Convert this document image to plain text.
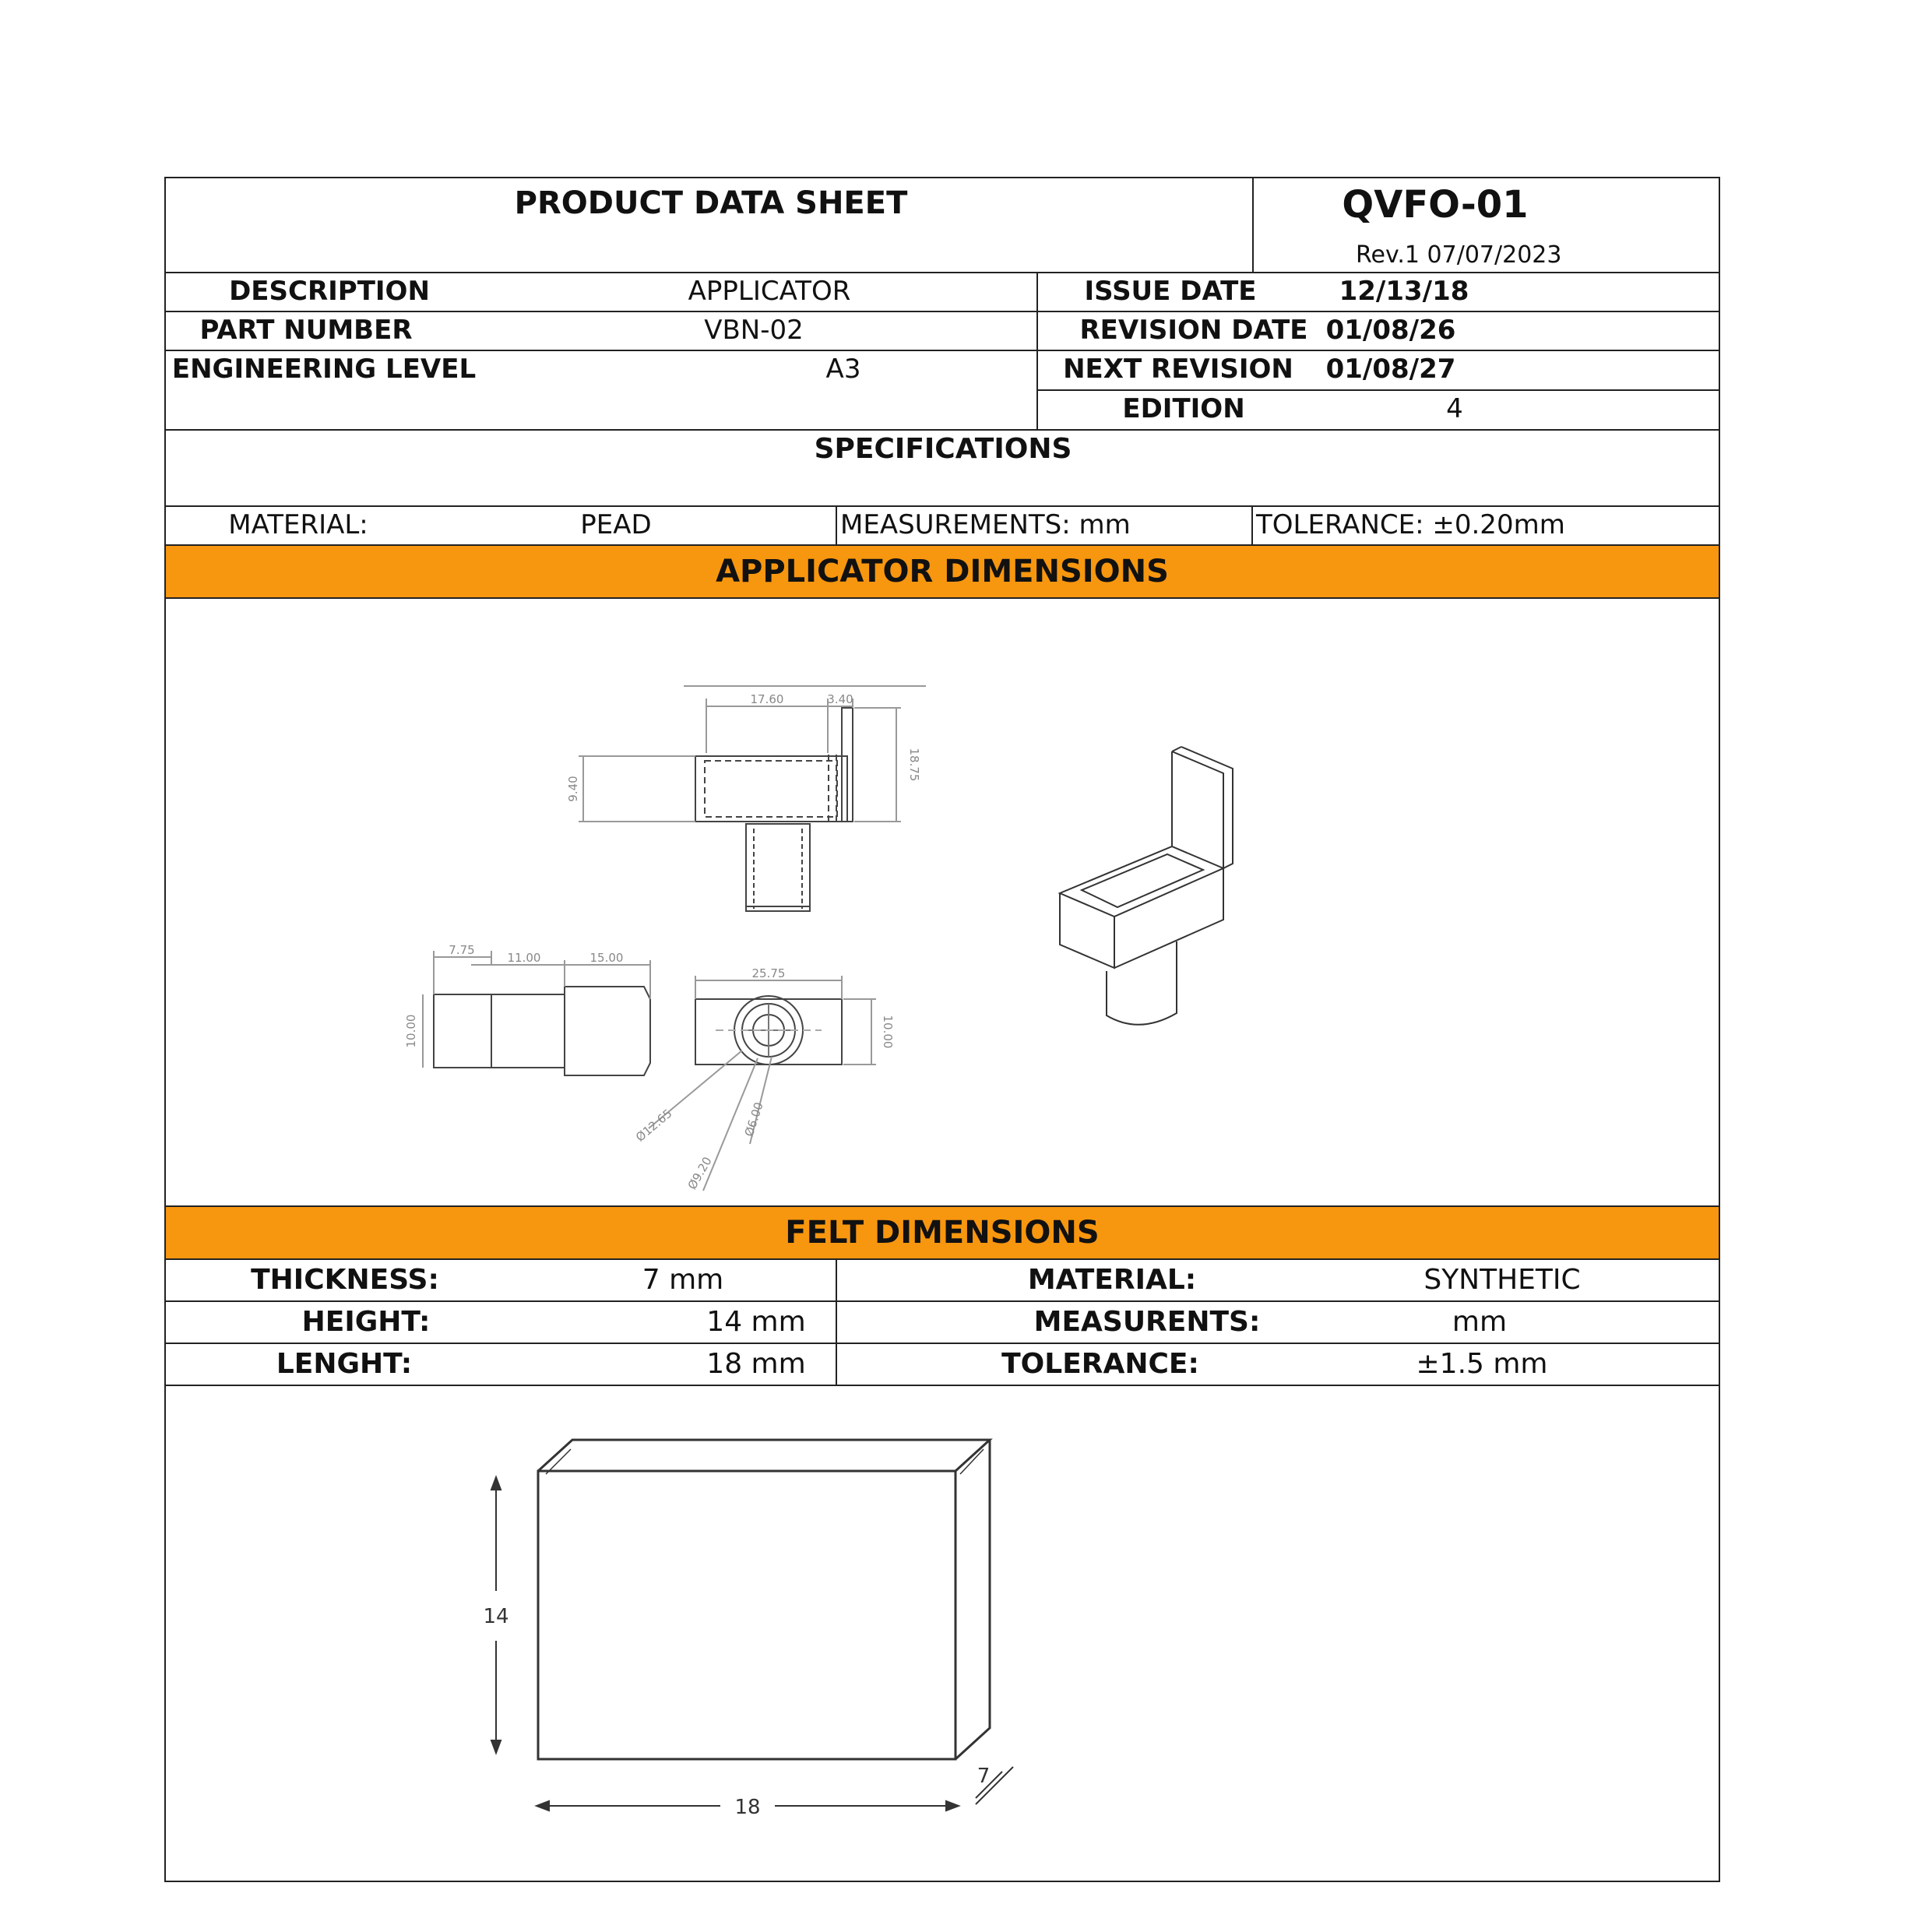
PRODUCT DATA SHEET	QVFO-01
Rev.1 07/07/2023
DESCRIPTION	APPLICATOR
PART NUMBER	VBN-02
ENGINEERING LEVEL	A3
ISSUE DATE	12/13/18
REVISION DATE 01/08/26
NEXT REVISION 01/08/27
EDITION	4
SPECIFICATIONS
MATERIAL:	PEAD	MEASUREMENTS: mm	TOLERANCE: ±0.20mm
APPLICATOR DIMENSIONS
17.60	3.40
18.75
9.40
7.75
11.00	15.00
25.75
10.00	10.00
Ø12.65	Ø6.00
Ø9.20
FELT DIMENSIONS
THICKNESS:	7 mm
HEIGHT:	14 mm
LENGHT:	18 mm
MATERIAL:	SYNTHETIC
MEASURENTS:	mm
TOLERANCE:	±1.5 mm
14
18
7
